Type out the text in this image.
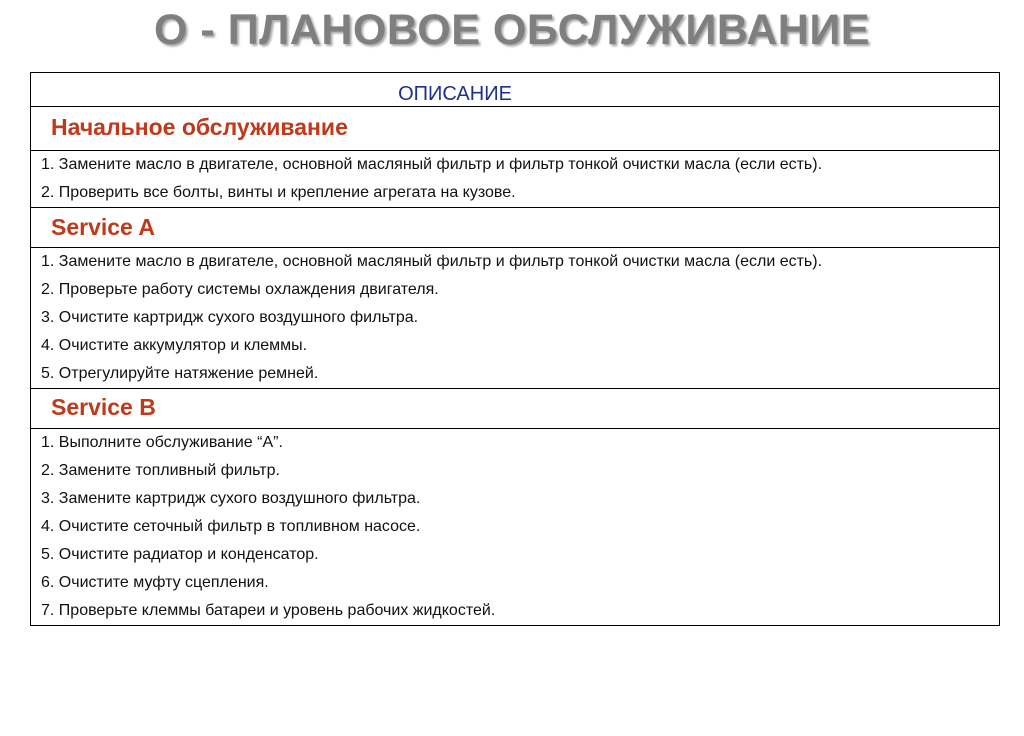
О - ПЛАНОВОЕ ОБСЛУЖИВАНИЕ
ОПИСАНИЕ
Начальное обслуживание

1. Замените масло в двигателе, основной масляный фильтр и фильтр тонкой очистки масла (если есть).
2. Проверить все болты, винты и крепление агрегата на кузове.

Service A

1. Замените масло в двигателе, основной масляный фильтр и фильтр тонкой очистки масла (если есть).
2. Проверьте работу системы охлаждения двигателя.
3. Очистите картридж сухого воздушного фильтра.
4. Очистите аккумулятор и клеммы.
5. Отрегулируйте натяжение ремней.

Service B

1. Выполните обслуживание “А”.
2. Замените топливный фильтр.
3. Замените картридж сухого воздушного фильтра.
4. Очистите сеточный фильтр в топливном насосе.
5. Очистите радиатор и конденсатор.
6. Очистите муфту сцепления.
7. Проверьте клеммы батареи и уровень рабочих жидкостей.
